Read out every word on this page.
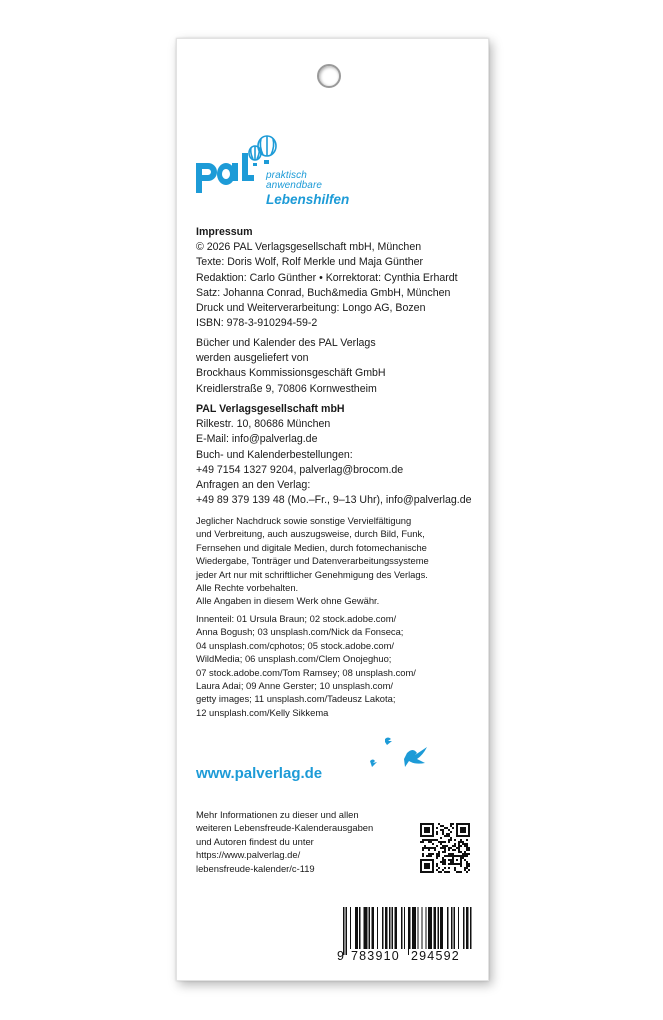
praktisch anwendbare
Lebenshilfen
Impressum
© 2026 PAL Verlagsgesellschaft mbH, München
Texte: Doris Wolf, Rolf Merkle und Maja Günther
Redaktion: Carlo Günther • Korrektorat: Cynthia Erhardt
Satz: Johanna Conrad, Buch&media GmbH, München
Druck und Weiterverarbeitung: Longo AG, Bozen
ISBN: 978-3-910294-59-2
Bücher und Kalender des PAL Verlags
werden ausgeliefert von
Brockhaus Kommissionsgeschäft GmbH
Kreidlerstraße 9, 70806 Kornwestheim
PAL Verlagsgesellschaft mbH
Rilkestr. 10, 80686 München
E-Mail: info@palverlag.de
Buch- und Kalenderbestellungen:
+49 7154 1327 9204, palverlag@brocom.de
Anfragen an den Verlag:
+49 89 379 139 48 (Mo.–Fr., 9–13 Uhr), info@palverlag.de
Jeglicher Nachdruck sowie sonstige Vervielfältigung
und Verbreitung, auch auszugsweise, durch Bild, Funk,
Fernsehen und digitale Medien, durch fotomechanische
Wiedergabe, Tonträger und Datenverarbeitungssysteme
jeder Art nur mit schriftlicher Genehmigung des Verlags.
Alle Rechte vorbehalten.
Alle Angaben in diesem Werk ohne Gewähr.
Innenteil: 01 Ursula Braun; 02 stock.adobe.com/
Anna Bogush; 03 unsplash.com/Nick da Fonseca;
04 unsplash.com/cphotos; 05 stock.adobe.com/
WildMedia; 06 unsplash.com/Clem Onojeghuo;
07 stock.adobe.com/Tom Ramsey; 08 unsplash.com/
Laura Adai; 09 Anne Gerster; 10 unsplash.com/
getty images; 11 unsplash.com/Tadeusz Lakota;
12 unsplash.com/Kelly Sikkema
www.palverlag.de
Mehr Informationen zu dieser und allen
weiteren Lebensfreude-Kalenderausgaben
und Autoren findest du unter
https://www.palverlag.de/
lebensfreude-kalender/c-119
9 783910 294592
